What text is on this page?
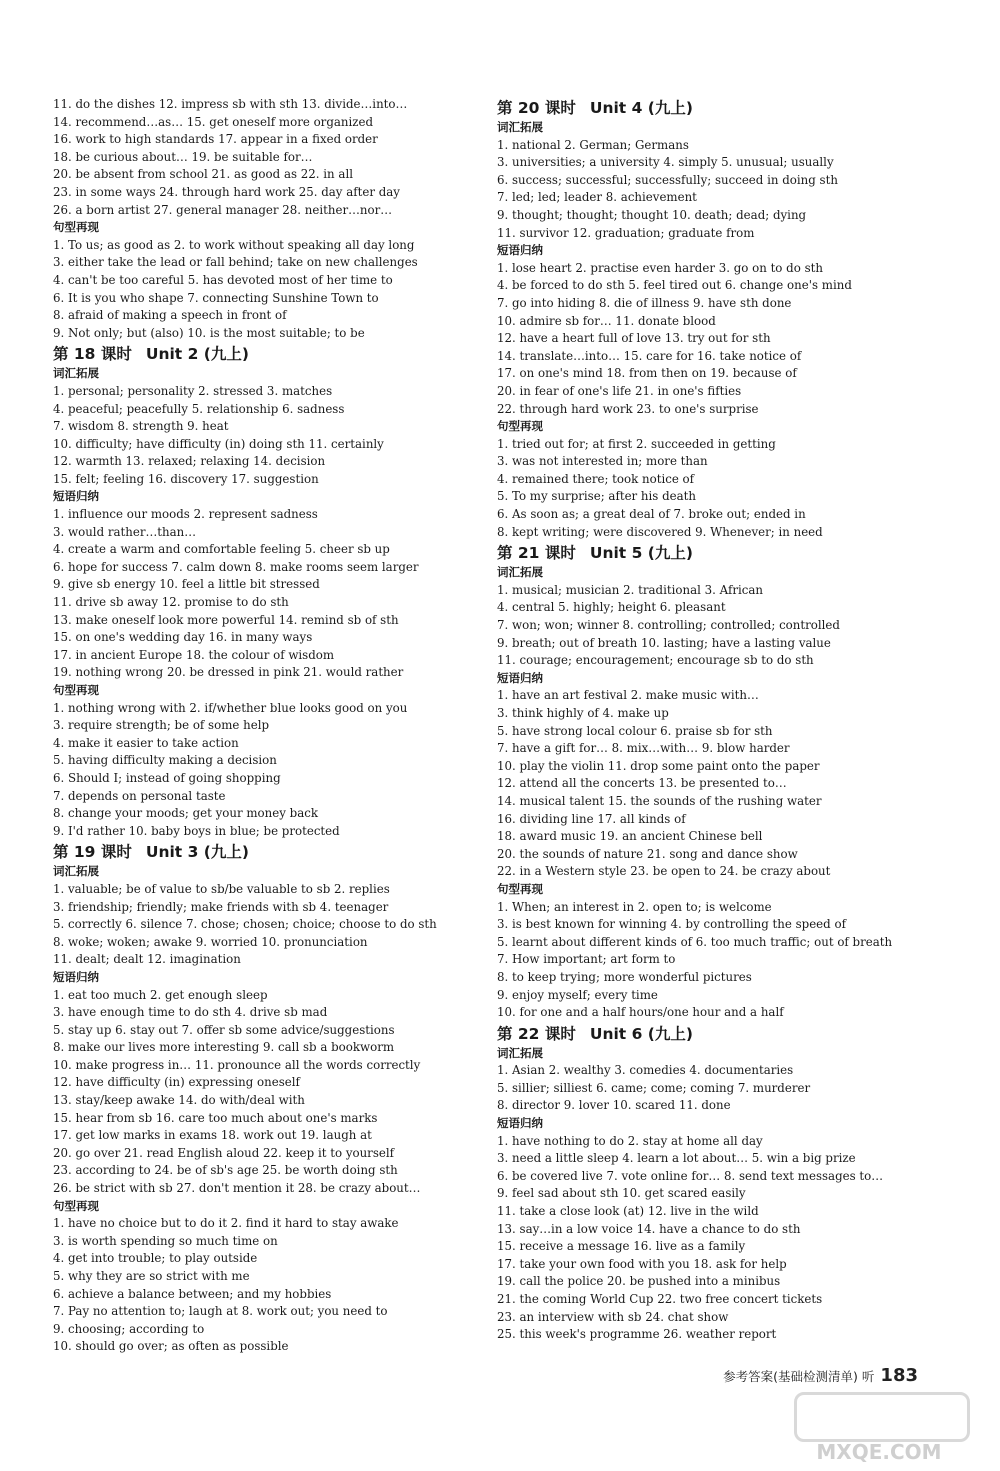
11. do the dishes 12. impress sb with sth 13. divide…into…
14. recommend…as… 15. get oneself more organized
16. work to high standards 17. appear in a fixed order
18. be curious about… 19. be suitable for…
20. be absent from school 21. as good as 22. in all
23. in some ways 24. through hard work 25. day after day
26. a born artist 27. general manager 28. neither…nor…
句型再现
1. To us; as good as 2. to work without speaking all day long
3. either take the lead or fall behind; take on new challenges
4. can't be too careful 5. has devoted most of her time to
6. It is you who shape 7. connecting Sunshine Town to
8. afraid of making a speech in front of
9. Not only; but (also) 10. is the most suitable; to be
第 18 课时 Unit 2 (九上)
词汇拓展
1. personal; personality 2. stressed 3. matches
4. peaceful; peacefully 5. relationship 6. sadness
7. wisdom 8. strength 9. heat
10. difficulty; have difficulty (in) doing sth 11. certainly
12. warmth 13. relaxed; relaxing 14. decision
15. felt; feeling 16. discovery 17. suggestion
短语归纳
1. influence our moods 2. represent sadness
3. would rather…than…
4. create a warm and comfortable feeling 5. cheer sb up
6. hope for success 7. calm down 8. make rooms seem larger
9. give sb energy 10. feel a little bit stressed
11. drive sb away 12. promise to do sth
13. make oneself look more powerful 14. remind sb of sth
15. on one's wedding day 16. in many ways
17. in ancient Europe 18. the colour of wisdom
19. nothing wrong 20. be dressed in pink 21. would rather
句型再现
1. nothing wrong with 2. if/whether blue looks good on you
3. require strength; be of some help
4. make it easier to take action
5. having difficulty making a decision
6. Should I; instead of going shopping
7. depends on personal taste
8. change your moods; get your money back
9. I'd rather 10. baby boys in blue; be protected
第 19 课时 Unit 3 (九上)
词汇拓展
1. valuable; be of value to sb/be valuable to sb 2. replies
3. friendship; friendly; make friends with sb 4. teenager
5. correctly 6. silence 7. chose; chosen; choice; choose to do sth
8. woke; woken; awake 9. worried 10. pronunciation
11. dealt; dealt 12. imagination
短语归纳
1. eat too much 2. get enough sleep
3. have enough time to do sth 4. drive sb mad
5. stay up 6. stay out 7. offer sb some advice/suggestions
8. make our lives more interesting 9. call sb a bookworm
10. make progress in… 11. pronounce all the words correctly
12. have difficulty (in) expressing oneself
13. stay/keep awake 14. do with/deal with
15. hear from sb 16. care too much about one's marks
17. get low marks in exams 18. work out 19. laugh at
20. go over 21. read English aloud 22. keep it to yourself
23. according to 24. be of sb's age 25. be worth doing sth
26. be strict with sb 27. don't mention it 28. be crazy about…
句型再现
1. have no choice but to do it 2. find it hard to stay awake
3. is worth spending so much time on
4. get into trouble; to play outside
5. why they are so strict with me
6. achieve a balance between; and my hobbies
7. Pay no attention to; laugh at 8. work out; you need to
9. choosing; according to
10. should go over; as often as possible
第 20 课时 Unit 4 (九上)
词汇拓展
1. national 2. German; Germans
3. universities; a university 4. simply 5. unusual; usually
6. success; successful; successfully; succeed in doing sth
7. led; led; leader 8. achievement
9. thought; thought; thought 10. death; dead; dying
11. survivor 12. graduation; graduate from
短语归纳
1. lose heart 2. practise even harder 3. go on to do sth
4. be forced to do sth 5. feel tired out 6. change one's mind
7. go into hiding 8. die of illness 9. have sth done
10. admire sb for… 11. donate blood
12. have a heart full of love 13. try out for sth
14. translate…into… 15. care for 16. take notice of
17. on one's mind 18. from then on 19. because of
20. in fear of one's life 21. in one's fifties
22. through hard work 23. to one's surprise
句型再现
1. tried out for; at first 2. succeeded in getting
3. was not interested in; more than
4. remained there; took notice of
5. To my surprise; after his death
6. As soon as; a great deal of 7. broke out; ended in
8. kept writing; were discovered 9. Whenever; in need
第 21 课时 Unit 5 (九上)
词汇拓展
1. musical; musician 2. traditional 3. African
4. central 5. highly; height 6. pleasant
7. won; won; winner 8. controlling; controlled; controlled
9. breath; out of breath 10. lasting; have a lasting value
11. courage; encouragement; encourage sb to do sth
短语归纳
1. have an art festival 2. make music with…
3. think highly of 4. make up
5. have strong local colour 6. praise sb for sth
7. have a gift for… 8. mix…with… 9. blow harder
10. play the violin 11. drop some paint onto the paper
12. attend all the concerts 13. be presented to…
14. musical talent 15. the sounds of the rushing water
16. dividing line 17. all kinds of
18. award music 19. an ancient Chinese bell
20. the sounds of nature 21. song and dance show
22. in a Western style 23. be open to 24. be crazy about
句型再现
1. When; an interest in 2. open to; is welcome
3. is best known for winning 4. by controlling the speed of
5. learnt about different kinds of 6. too much traffic; out of breath
7. How important; art form to
8. to keep trying; more wonderful pictures
9. enjoy myself; every time
10. for one and a half hours/one hour and a half
第 22 课时 Unit 6 (九上)
词汇拓展
1. Asian 2. wealthy 3. comedies 4. documentaries
5. sillier; silliest 6. came; come; coming 7. murderer
8. director 9. lover 10. scared 11. done
短语归纳
1. have nothing to do 2. stay at home all day
3. need a little sleep 4. learn a lot about… 5. win a big prize
6. be covered live 7. vote online for… 8. send text messages to…
9. feel sad about sth 10. get scared easily
11. take a close look (at) 12. live in the wild
13. say…in a low voice 14. have a chance to do sth
15. receive a message 16. live as a family
17. take your own food with you 18. ask for help
19. call the police 20. be pushed into a minibus
21. the coming World Cup 22. two free concert tickets
23. an interview with sb 24. chat show
25. this week's programme 26. weather report
参考答案(基础检测清单) 听 183
MXQE.COM
